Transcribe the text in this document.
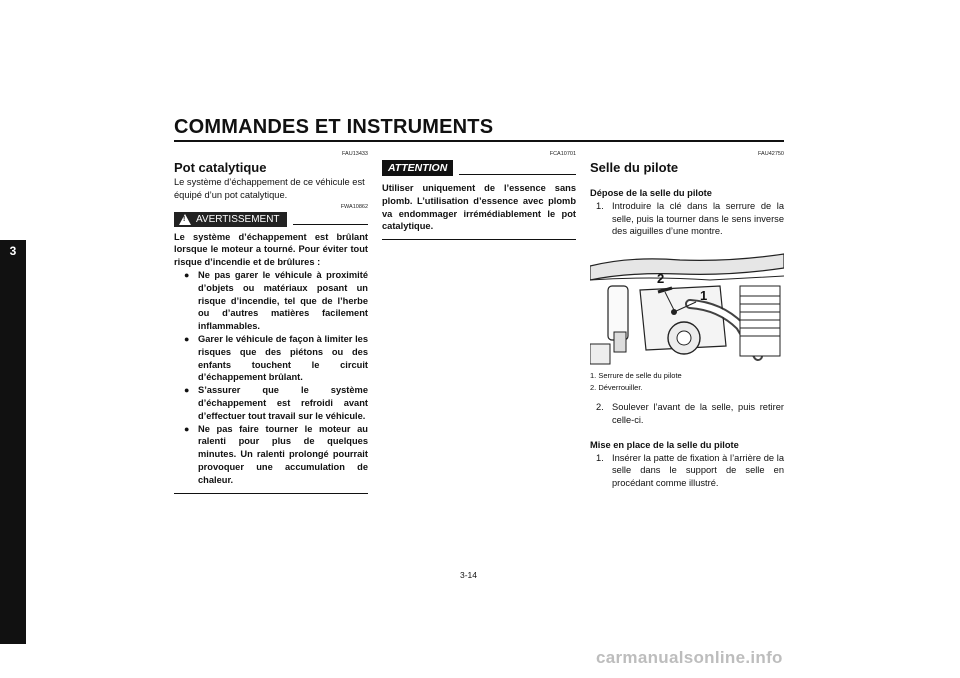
COMMANDES ET INSTRUMENTS
3
FAU13433
Pot catalytique
Le système d’échappement de ce véhicule est équipé d’un pot catalytique.
FWA10862
! AVERTISSEMENT
Le système d’échappement est brûlant lorsque le moteur a tourné. Pour éviter tout risque d’incendie et de brûlures :
● Ne pas garer le véhicule à proximité d’objets ou matériaux posant un risque d’incendie, tel que de l’herbe ou d’autres matières facilement inflammables.
● Garer le véhicule de façon à limiter les risques que des piétons ou des enfants touchent le circuit d’échappement brûlant.
● S’assurer que le système d’échappement est refroidi avant d’effectuer tout travail sur le véhicule.
● Ne pas faire tourner le moteur au ralenti pour plus de quelques minutes. Un ralenti prolongé pourrait provoquer une accumulation de chaleur.
FCA10701
ATTENTION
Utiliser uniquement de l’essence sans plomb. L’utilisation d’essence avec plomb va endommager irrémédiablement le pot catalytique.
FAU42750
Selle du pilote
Dépose de la selle du pilote
1. Introduire la clé dans la serrure de la selle, puis la tourner dans le sens inverse des aiguilles d’une montre.
2
1
1. Serrure de selle du pilote
2. Déverrouiller.
2. Soulever l’avant de la selle, puis retirer celle-ci.
Mise en place de la selle du pilote
1. Insérer la patte de fixation à l’arrière de la selle dans le support de selle en procédant comme illustré.
3-14
carmanualsonline.info
